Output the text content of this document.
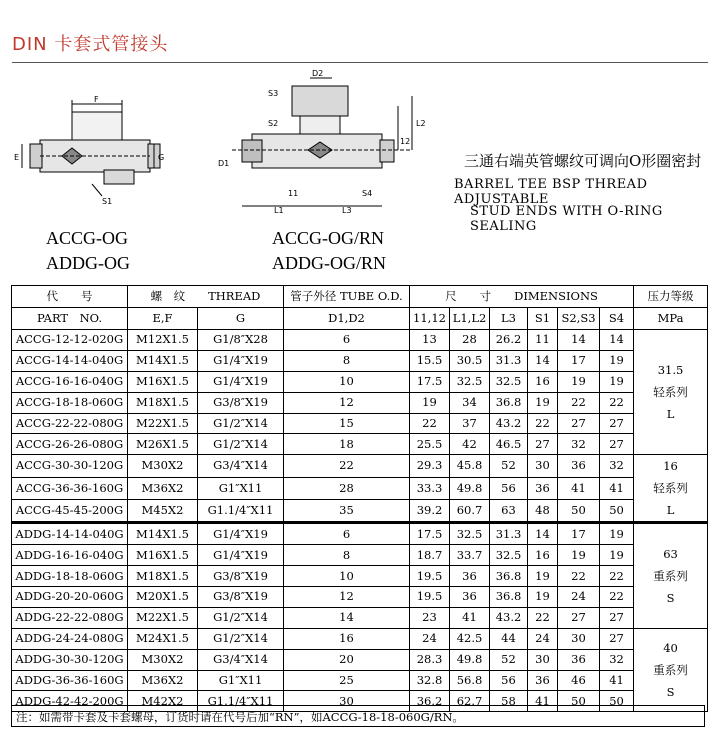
DIN 卡套式管接头
F
E	G
S1
D2
S3
S2
D1
L1
11
L3
S4
L2
12
ACCG-OG
ADDG-OG
ACCG-OG/RN
ADDG-OG/RN
三通右端英管螺纹可调向O形圈密封
BARREL TEE BSP THREAD ADJUSTABLE
STUD ENDS WITH O-RING SEALING
代　　号	螺　纹　　THREAD		管子外径 TUBE O.D.	尺　　寸　　DIMENSIONS						压力等级
PART　NO.	E,F	G	D1,D2	11,12	L1,L2	L3	S1	S2,S3	S4	MPa
ACCG-12-12-020G	M12X1.5	G1/8″X28	6	13	28	26.2	11	14	14	31.5
轻系列
L

ACCG-14-14-040G	M14X1.5	G1/4″X19	8	15.5	30.5	31.3	14	17	19	
ACCG-16-16-040G	M16X1.5	G1/4″X19	10	17.5	32.5	32.5	16	19	19	
ACCG-18-18-060G	M18X1.5	G3/8″X19	12	19	34	36.8	19	22	22	
ACCG-22-22-080G	M22X1.5	G1/2″X14	15	22	37	43.2	22	27	27	
ACCG-26-26-080G	M26X1.5	G1/2″X14	18	25.5	42	46.5	27	32	27	
ACCG-30-30-120G	M30X2	G3/4″X14	22	29.3	45.8	52	30	36	32	16
轻系列
L

ACCG-36-36-160G	M36X2	G1″X11	28	33.3	49.8	56	36	41	41	
ACCG-45-45-200G	M45X2	G1.1/4″X11	35	39.2	60.7	63	48	50	50	
ADDG-14-14-040G	M14X1.5	G1/4″X19	6	17.5	32.5	31.3	14	17	19	63
重系列
S

ADDG-16-16-040G	M16X1.5	G1/4″X19	8	18.7	33.7	32.5	16	19	19	
ADDG-18-18-060G	M18X1.5	G3/8″X19	10	19.5	36	36.8	19	22	22	
ADDG-20-20-060G	M20X1.5	G3/8″X19	12	19.5	36	36.8	19	24	22	
ADDG-22-22-080G	M22X1.5	G1/2″X14	14	23	41	43.2	22	27	27	
ADDG-24-24-080G	M24X1.5	G1/2″X14	16	24	42.5	44	24	30	27	40
重系列
S

ADDG-30-30-120G	M30X2	G3/4″X14	20	28.3	49.8	52	30	36	32	
ADDG-36-36-160G	M36X2	G1″X11	25	32.8	56.8	56	36	46	41	
ADDG-42-42-200G	M42X2	G1.1/4″X11	30	36.2	62.7	58	41	50	50	
注：如需带卡套及卡套螺母，订货时请在代号后加“RN”，如ACCG-18-18-060G/RN。
